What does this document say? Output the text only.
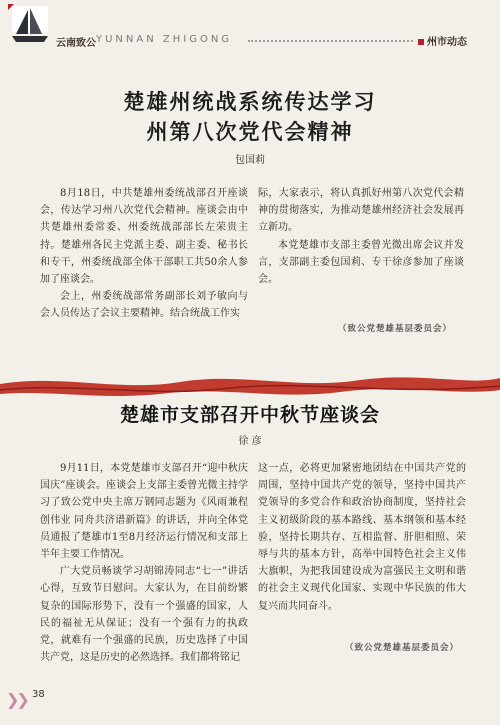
云南致公 YUNNAN ZHIGONG	州市动态
楚雄州统战系统传达学习
州第八次党代会精神
包国莉

8月18日，中共楚雄州委统战部召开座谈会，传达学习州八次党代会精神。座谈会由中共楚雄州委常委、州委统战部部长左荣贵主持。楚雄州各民主党派主委、副主委、秘书长和专干，州委统战部全体干部职工共50余人参加了座谈会。

会上，州委统战部常务副部长刘予敏向与会人员传达了会议主要精神。结合统战工作实

际，大家表示，将认真抓好州第八次党代会精神的贯彻落实，为推动楚雄州经济社会发展再立新功。

本党楚雄市支部主委曾光微出席会议并发言，支部副主委包国莉、专干徐彦参加了座谈会。

（致公党楚雄基层委员会）
楚雄市支部召开中秋节座谈会
徐 彦

9月11日，本党楚雄市支部召开“迎中秋庆国庆”座谈会。座谈会上支部主委曾光微主持学习了致公党中央主席万钢同志题为《风雨兼程创伟业 同舟共济谱新篇》的讲话，并向全体党员通报了楚雄市1至8月经济运行情况和支部上半年主要工作情况。

广大党员畅谈学习胡锦涛同志“七一”讲话心得，互致节日慰问。大家认为，在目前纷繁复杂的国际形势下，没有一个强盛的国家，人民的福祉无从保证；没有一个强有力的执政党，就难有一个强盛的民族，历史选择了中国共产党，这是历史的必然选择。我们都将铭记

这一点，必将更加紧密地团结在中国共产党的周围，坚持中国共产党的领导，坚持中国共产党领导的多党合作和政治协商制度，坚持社会主义初级阶段的基本路线、基本纲领和基本经验，坚持长期共存、互相监督、肝胆相照、荣辱与共的基本方针，高举中国特色社会主义伟大旗帜，为把我国建设成为富强民主文明和谐的社会主义现代化国家、实现中华民族的伟大复兴而共同奋斗。

（致公党楚雄基层委员会）
❯❯ 38
